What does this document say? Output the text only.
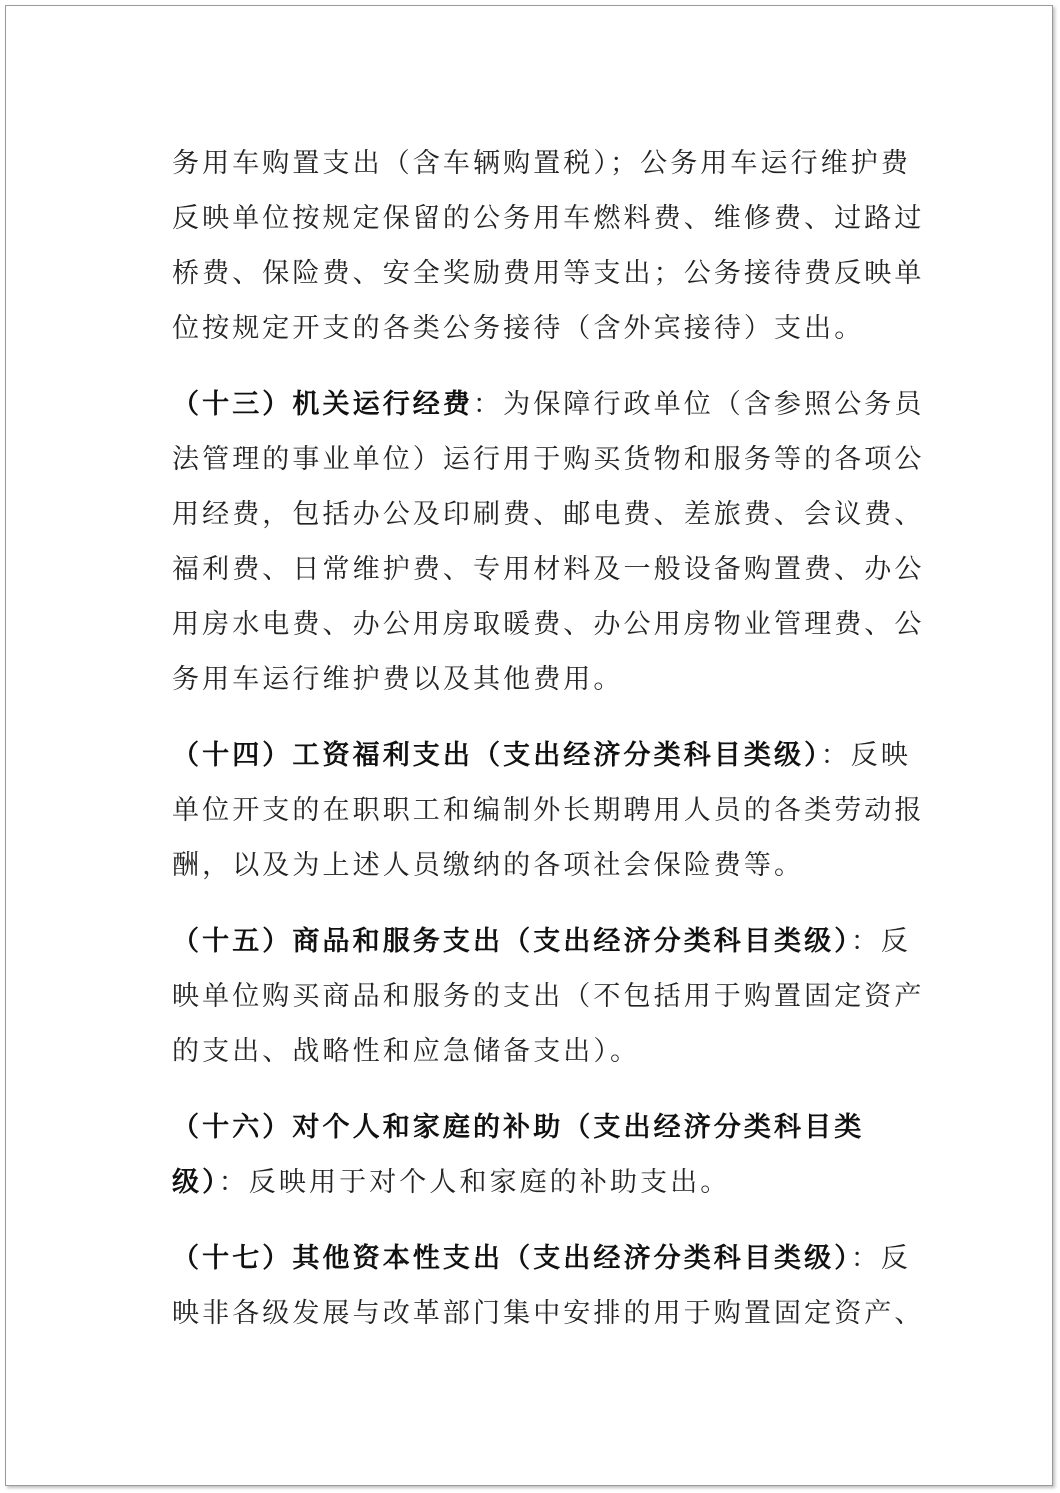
务用车购置支出（含车辆购置税）；公务用车运行维护费
反映单位按规定保留的公务用车燃料费、维修费、过路过
桥费、保险费、安全奖励费用等支出；公务接待费反映单
位按规定开支的各类公务接待（含外宾接待）支出。
（十三）机关运行经费：为保障行政单位（含参照公务员
法管理的事业单位）运行用于购买货物和服务等的各项公
用经费，包括办公及印刷费、邮电费、差旅费、会议费、
福利费、日常维护费、专用材料及一般设备购置费、办公
用房水电费、办公用房取暖费、办公用房物业管理费、公
务用车运行维护费以及其他费用。
（十四）工资福利支出（支出经济分类科目类级）：反映
单位开支的在职职工和编制外长期聘用人员的各类劳动报
酬，以及为上述人员缴纳的各项社会保险费等。
（十五）商品和服务支出（支出经济分类科目类级）：反
映单位购买商品和服务的支出（不包括用于购置固定资产
的支出、战略性和应急储备支出）。
（十六）对个人和家庭的补助（支出经济分类科目类
级）：反映用于对个人和家庭的补助支出。
（十七）其他资本性支出（支出经济分类科目类级）：反
映非各级发展与改革部门集中安排的用于购置固定资产、
